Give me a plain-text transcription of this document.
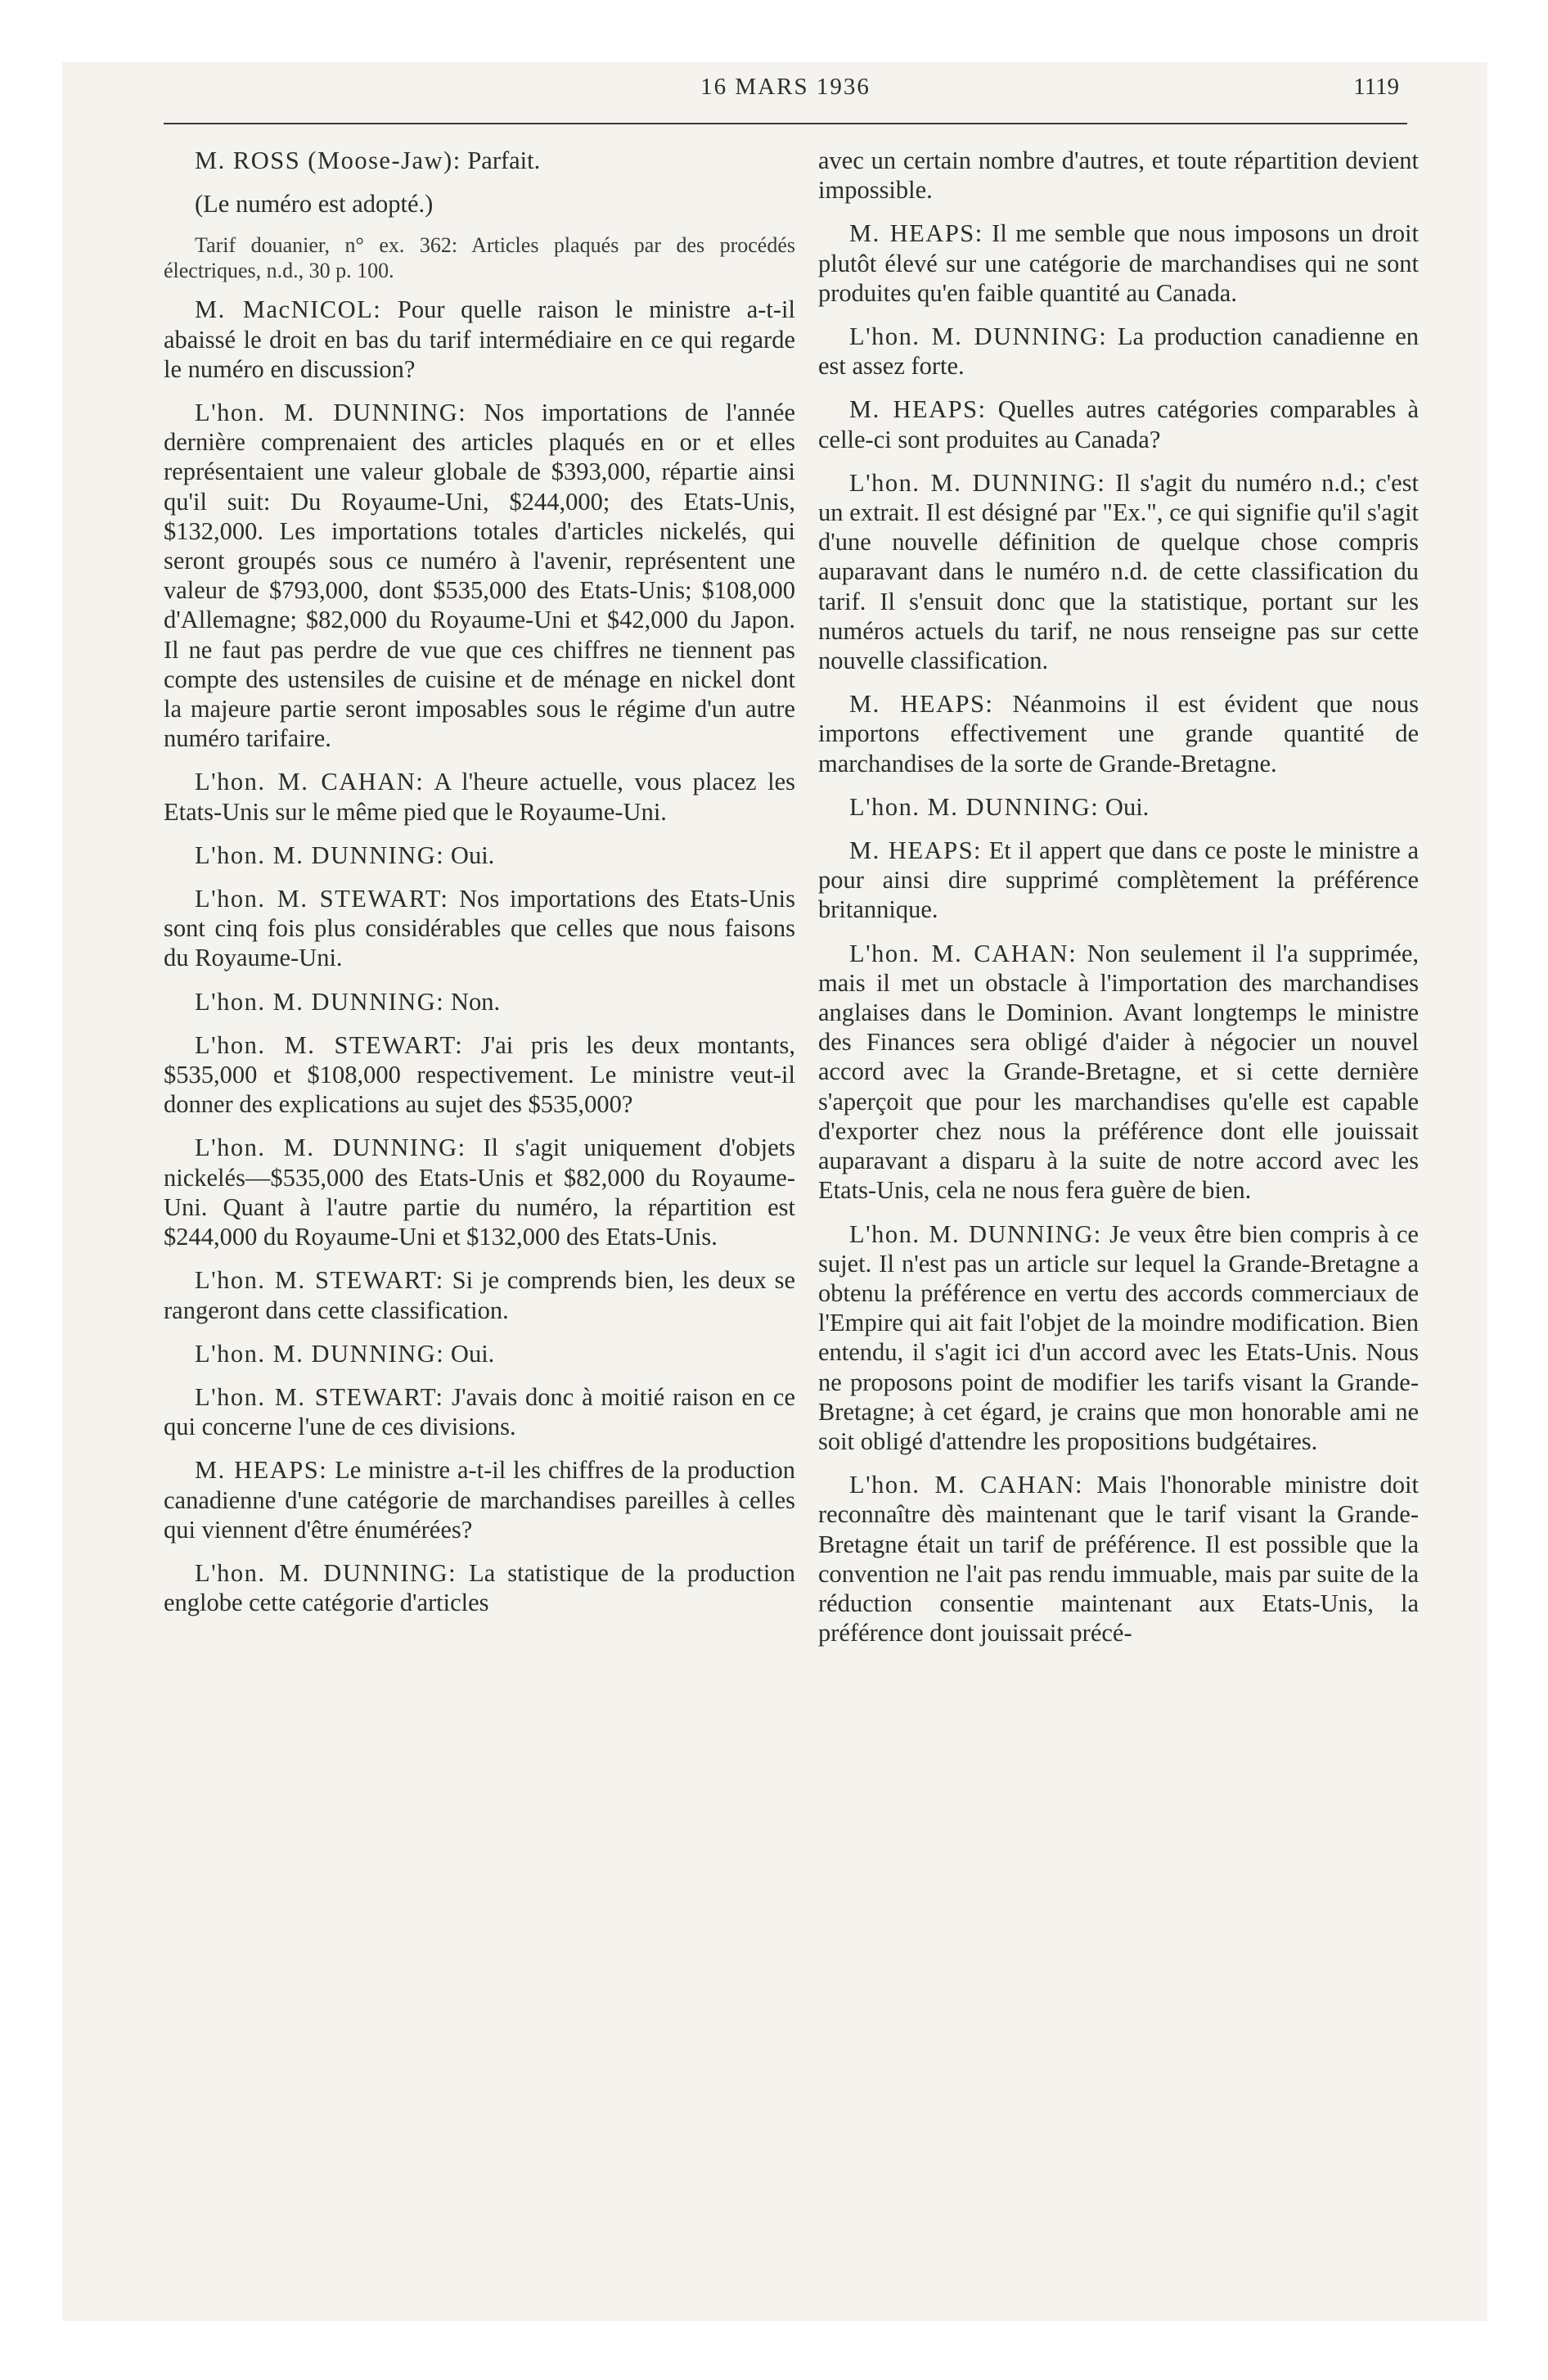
16 MARS 1936	1119

M. ROSS (Moose-Jaw): Parfait.

(Le numéro est adopté.)

Tarif douanier, n° ex. 362: Articles plaqués par des procédés électriques, n.d., 30 p. 100.

M. MacNICOL: Pour quelle raison le ministre a-t-il abaissé le droit en bas du tarif intermédiaire en ce qui regarde le numéro en discussion?

L'hon. M. DUNNING: Nos importations de l'année dernière comprenaient des articles plaqués en or et elles représentaient une valeur globale de $393,000, répartie ainsi qu'il suit: Du Royaume-Uni, $244,000; des Etats-Unis, $132,000. Les importations totales d'articles nickelés, qui seront groupés sous ce numéro à l'avenir, représentent une valeur de $793,000, dont $535,000 des Etats-Unis; $108,000 d'Allemagne; $82,000 du Royaume-Uni et $42,000 du Japon. Il ne faut pas perdre de vue que ces chiffres ne tiennent pas compte des ustensiles de cuisine et de ménage en nickel dont la majeure partie seront imposables sous le régime d'un autre numéro tarifaire.

L'hon. M. CAHAN: A l'heure actuelle, vous placez les Etats-Unis sur le même pied que le Royaume-Uni.

L'hon. M. DUNNING: Oui.

L'hon. M. STEWART: Nos importations des Etats-Unis sont cinq fois plus considérables que celles que nous faisons du Royaume-Uni.

L'hon. M. DUNNING: Non.

L'hon. M. STEWART: J'ai pris les deux montants, $535,000 et $108,000 respectivement. Le ministre veut-il donner des explications au sujet des $535,000?

L'hon. M. DUNNING: Il s'agit uniquement d'objets nickelés—$535,000 des Etats-Unis et $82,000 du Royaume-Uni. Quant à l'autre partie du numéro, la répartition est $244,000 du Royaume-Uni et $132,000 des Etats-Unis.

L'hon. M. STEWART: Si je comprends bien, les deux se rangeront dans cette classification.

L'hon. M. DUNNING: Oui.

L'hon. M. STEWART: J'avais donc à moitié raison en ce qui concerne l'une de ces divisions.

M. HEAPS: Le ministre a-t-il les chiffres de la production canadienne d'une catégorie de marchandises pareilles à celles qui viennent d'être énumérées?

L'hon. M. DUNNING: La statistique de la production englobe cette catégorie d'articles

avec un certain nombre d'autres, et toute répartition devient impossible.

M. HEAPS: Il me semble que nous imposons un droit plutôt élevé sur une catégorie de marchandises qui ne sont produites qu'en faible quantité au Canada.

L'hon. M. DUNNING: La production canadienne en est assez forte.

M. HEAPS: Quelles autres catégories comparables à celle-ci sont produites au Canada?

L'hon. M. DUNNING: Il s'agit du numéro n.d.; c'est un extrait. Il est désigné par "Ex.", ce qui signifie qu'il s'agit d'une nouvelle définition de quelque chose compris auparavant dans le numéro n.d. de cette classification du tarif. Il s'ensuit donc que la statistique, portant sur les numéros actuels du tarif, ne nous renseigne pas sur cette nouvelle classification.

M. HEAPS: Néanmoins il est évident que nous importons effectivement une grande quantité de marchandises de la sorte de Grande-Bretagne.

L'hon. M. DUNNING: Oui.

M. HEAPS: Et il appert que dans ce poste le ministre a pour ainsi dire supprimé complètement la préférence britannique.

L'hon. M. CAHAN: Non seulement il l'a supprimée, mais il met un obstacle à l'importation des marchandises anglaises dans le Dominion. Avant longtemps le ministre des Finances sera obligé d'aider à négocier un nouvel accord avec la Grande-Bretagne, et si cette dernière s'aperçoit que pour les marchandises qu'elle est capable d'exporter chez nous la préférence dont elle jouissait auparavant a disparu à la suite de notre accord avec les Etats-Unis, cela ne nous fera guère de bien.

L'hon. M. DUNNING: Je veux être bien compris à ce sujet. Il n'est pas un article sur lequel la Grande-Bretagne a obtenu la préférence en vertu des accords commerciaux de l'Empire qui ait fait l'objet de la moindre modification. Bien entendu, il s'agit ici d'un accord avec les Etats-Unis. Nous ne proposons point de modifier les tarifs visant la Grande-Bretagne; à cet égard, je crains que mon honorable ami ne soit obligé d'attendre les propositions budgétaires.

L'hon. M. CAHAN: Mais l'honorable ministre doit reconnaître dès maintenant que le tarif visant la Grande-Bretagne était un tarif de préférence. Il est possible que la convention ne l'ait pas rendu immuable, mais par suite de la réduction consentie maintenant aux Etats-Unis, la préférence dont jouissait précé-
